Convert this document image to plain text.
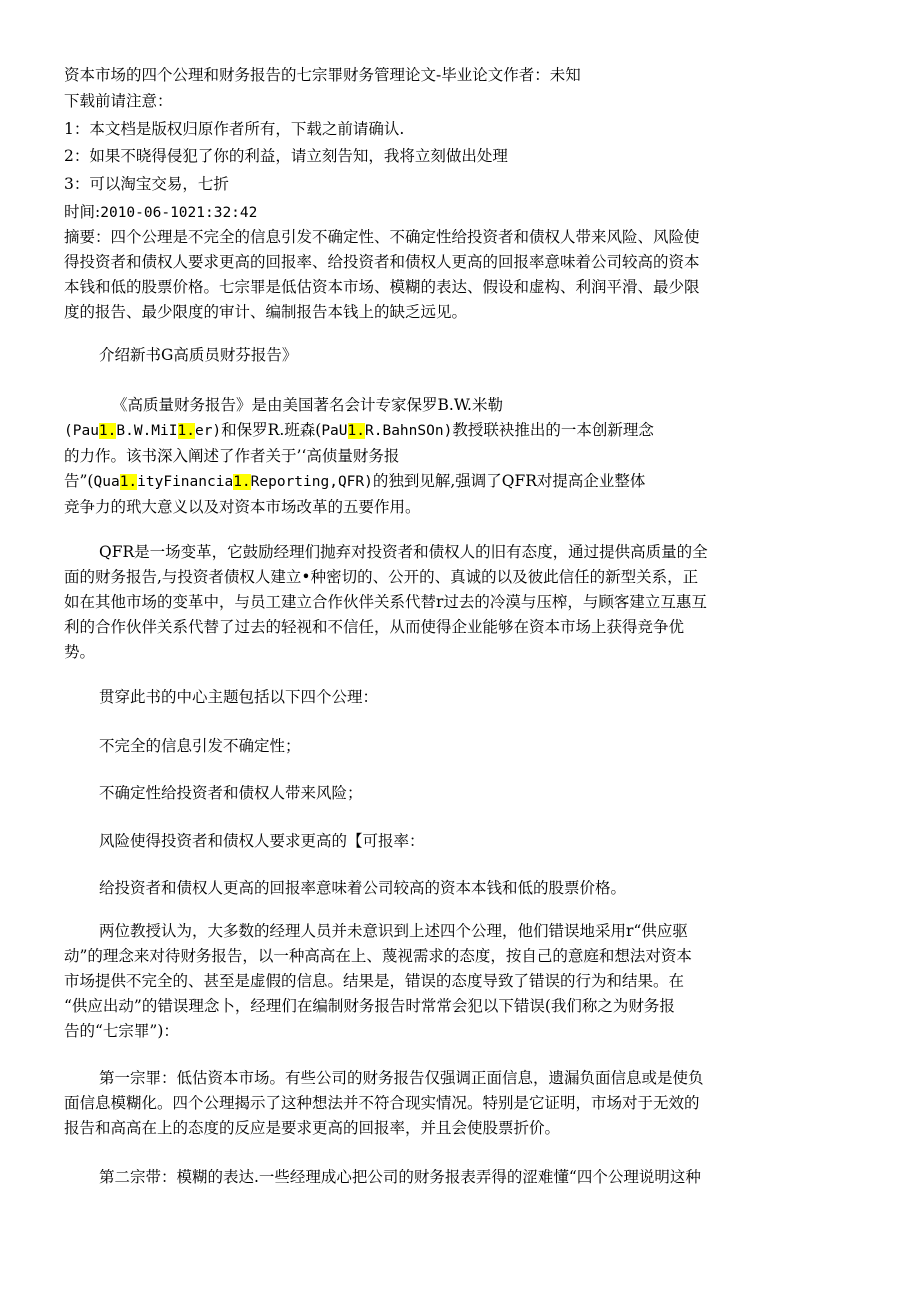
资本市场的四个公理和财务报告的七宗罪财务管理论文-毕业论文作者：未知
下载前请注意：
1：本文档是版权归原作者所有，下载之前请确认.
2：如果不晓得侵犯了你的利益，请立刻告知，我将立刻做出处理
3：可以淘宝交易，七折
时间:2010-06-1021:32:42
摘要：四个公理是不完全的信息引发不确定性、不确定性给投资者和债权人带来风险、风险使
得投资者和债权人要求更高的回报率、给投资者和债权人更高的回报率意味着公司较高的资本
本钱和低的股票价格。七宗罪是低估资本市场、模糊的表达、假设和虚构、利润平滑、最少限
度的报告、最少限度的审计、编制报告本钱上的缺乏远见。
介绍新书G高质员财芬报告》
《高质量财务报告》是由美国著名会计专家保罗B.W.米勒
(Pau1.B.W.MiI1.er)和保罗R.班森(PaU1.R.BahnSOn)教授联袂推出的一本创新理念
的力作。该书深入阐述了作者关于’‘高侦量财务报
告”(Qua1.ityFinancia1.Reporting,QFR)的独到见解,强调了QFR对提高企业整体
竞争力的玳大意义以及对资本市场改革的五要作用。
QFR是一场变革，它鼓励经理们抛弃对投资者和债权人的旧有态度，通过提供高质量的全
面的财务报告,与投资者债权人建立•种密切的、公开的、真诚的以及彼此信任的新型关系，正
如在其他市场的变革中，与员工建立合作伙伴关系代替r过去的冷漠与压榨，与顾客建立互惠互
利的合作伙伴关系代替了过去的轻视和不信任，从而使得企业能够在资本市场上获得竞争优
势。
贯穿此书的中心主题包括以下四个公理：
不完全的信息引发不确定性；
不确定性给投资者和债权人带来风险；
风险使得投资者和债权人要求更高的【可报率：
给投资者和债权人更高的回报率意味着公司较高的资本本钱和低的股票价格。
两位教授认为，大多数的经理人员并未意识到上述四个公理，他们错误地采用r“供应驱
动”的理念来对待财务报告，以一种高高在上、蔑视需求的态度，按自己的意庭和想法对资本
市场提供不完全的、甚至是虚假的信息。结果是，错误的态度导致了错误的行为和结果。在
“供应出动”的错误理念卜，经理们在编制财务报告时常常会犯以下错误(我们称之为财务报
告的“七宗罪”)：
第一宗罪：低估资本市场。有些公司的财务报告仅强调正面信息，遗漏负面信息或是使负
面信息模糊化。四个公理揭示了这种想法并不符合现实情况。特别是它证明，市场对于无效的
报告和高高在上的态度的反应是要求更高的回报率，并且会使股票折价。
第二宗带：模糊的表达.一些经理成心把公司的财务报表弄得的涩难懂“四个公理说明这种
